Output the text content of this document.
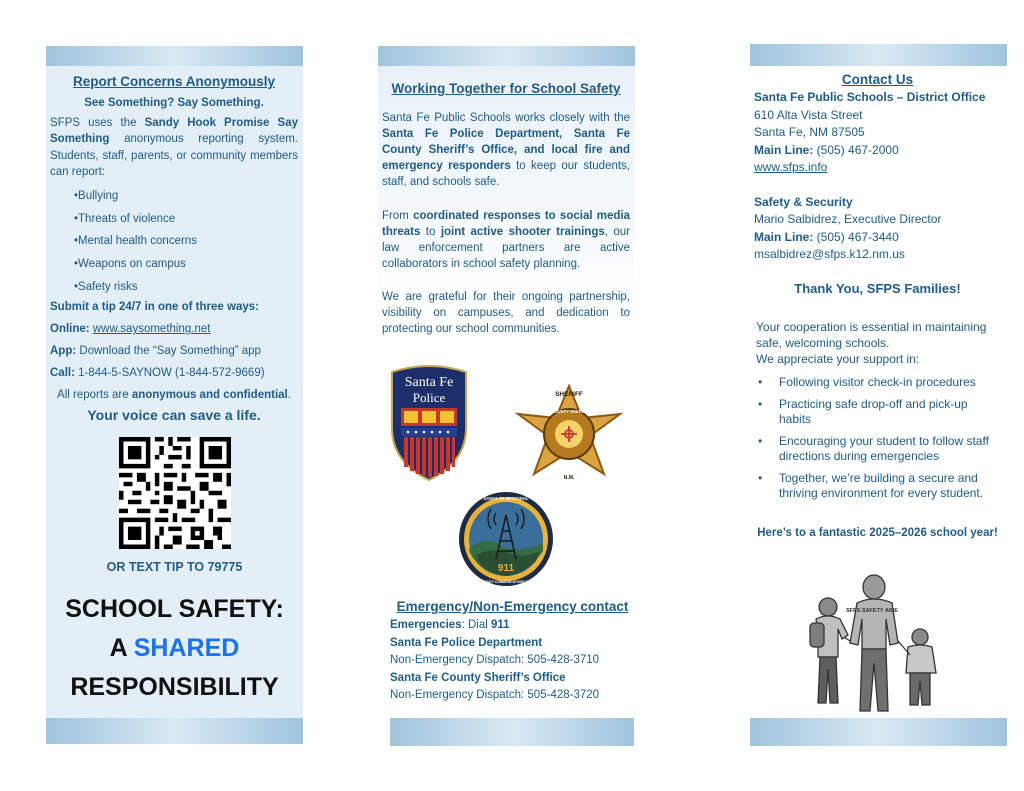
Report Concerns Anonymously

See Something? Say Something.

SFPS uses the Sandy Hook Promise Say Something anonymous reporting system. Students, staff, parents, or community members can report:

•Bullying
•Threats of violence
•Mental health concerns
•Weapons on campus
•Safety risks

Submit a tip 24/7 in one of three ways:

Online: www.saysomething.net

App: Download the “Say Something” app

Call: 1-844-5-SAYNOW (1-844-572-9669)

All reports are anonymous and confidential.

Your voice can save a life.

OR TEXT TIP TO 79775

SCHOOL SAFETY:
A SHARED
RESPONSIBILITY

Working Together for School Safety

Santa Fe Public Schools works closely with the Santa Fe Police Department, Santa Fe County Sheriff’s Office, and local fire and emergency responders to keep our students, staff, and schools safe.

From coordinated responses to social media threats to joint active shooter trainings, our law enforcement partners are active collaborators in school safety planning.

We are grateful for their ongoing partnership, visibility on campuses, and dedication to protecting our school communities.

Santa Fe
Police	SHERIFF
SANTA FE COUNTY SHERIFF'S OFFICE
N.M.
SANTA FE REGIONAL
911
EMERGENCY COMMUNICATIONS CENTER

Emergency/Non-Emergency contact

Emergencies: Dial 911

Santa Fe Police Department

Non-Emergency Dispatch: 505-428-3710

Santa Fe County Sheriff’s Office

Non-Emergency Dispatch: 505-428-3720

Contact Us

Santa Fe Public Schools – District Office

610 Alta Vista Street

Santa Fe, NM 87505

Main Line: (505) 467-2000

www.sfps.info

Safety & Security

Mario Salbidrez, Executive Director

Main Line: (505) 467-3440

msalbidrez@sfps.k12.nm.us

Thank You, SFPS Families!

Your cooperation is essential in maintaining safe, welcoming schools.

We appreciate your support in:

• Following visitor check-in procedures
• Practicing safe drop-off and pick-up habits
• Encouraging your student to follow staff directions during emergencies
• Together, we’re building a secure and thriving environment for every student.

Here’s to a fantastic 2025–2026 school year!

SFPS SAFETY AIDE
